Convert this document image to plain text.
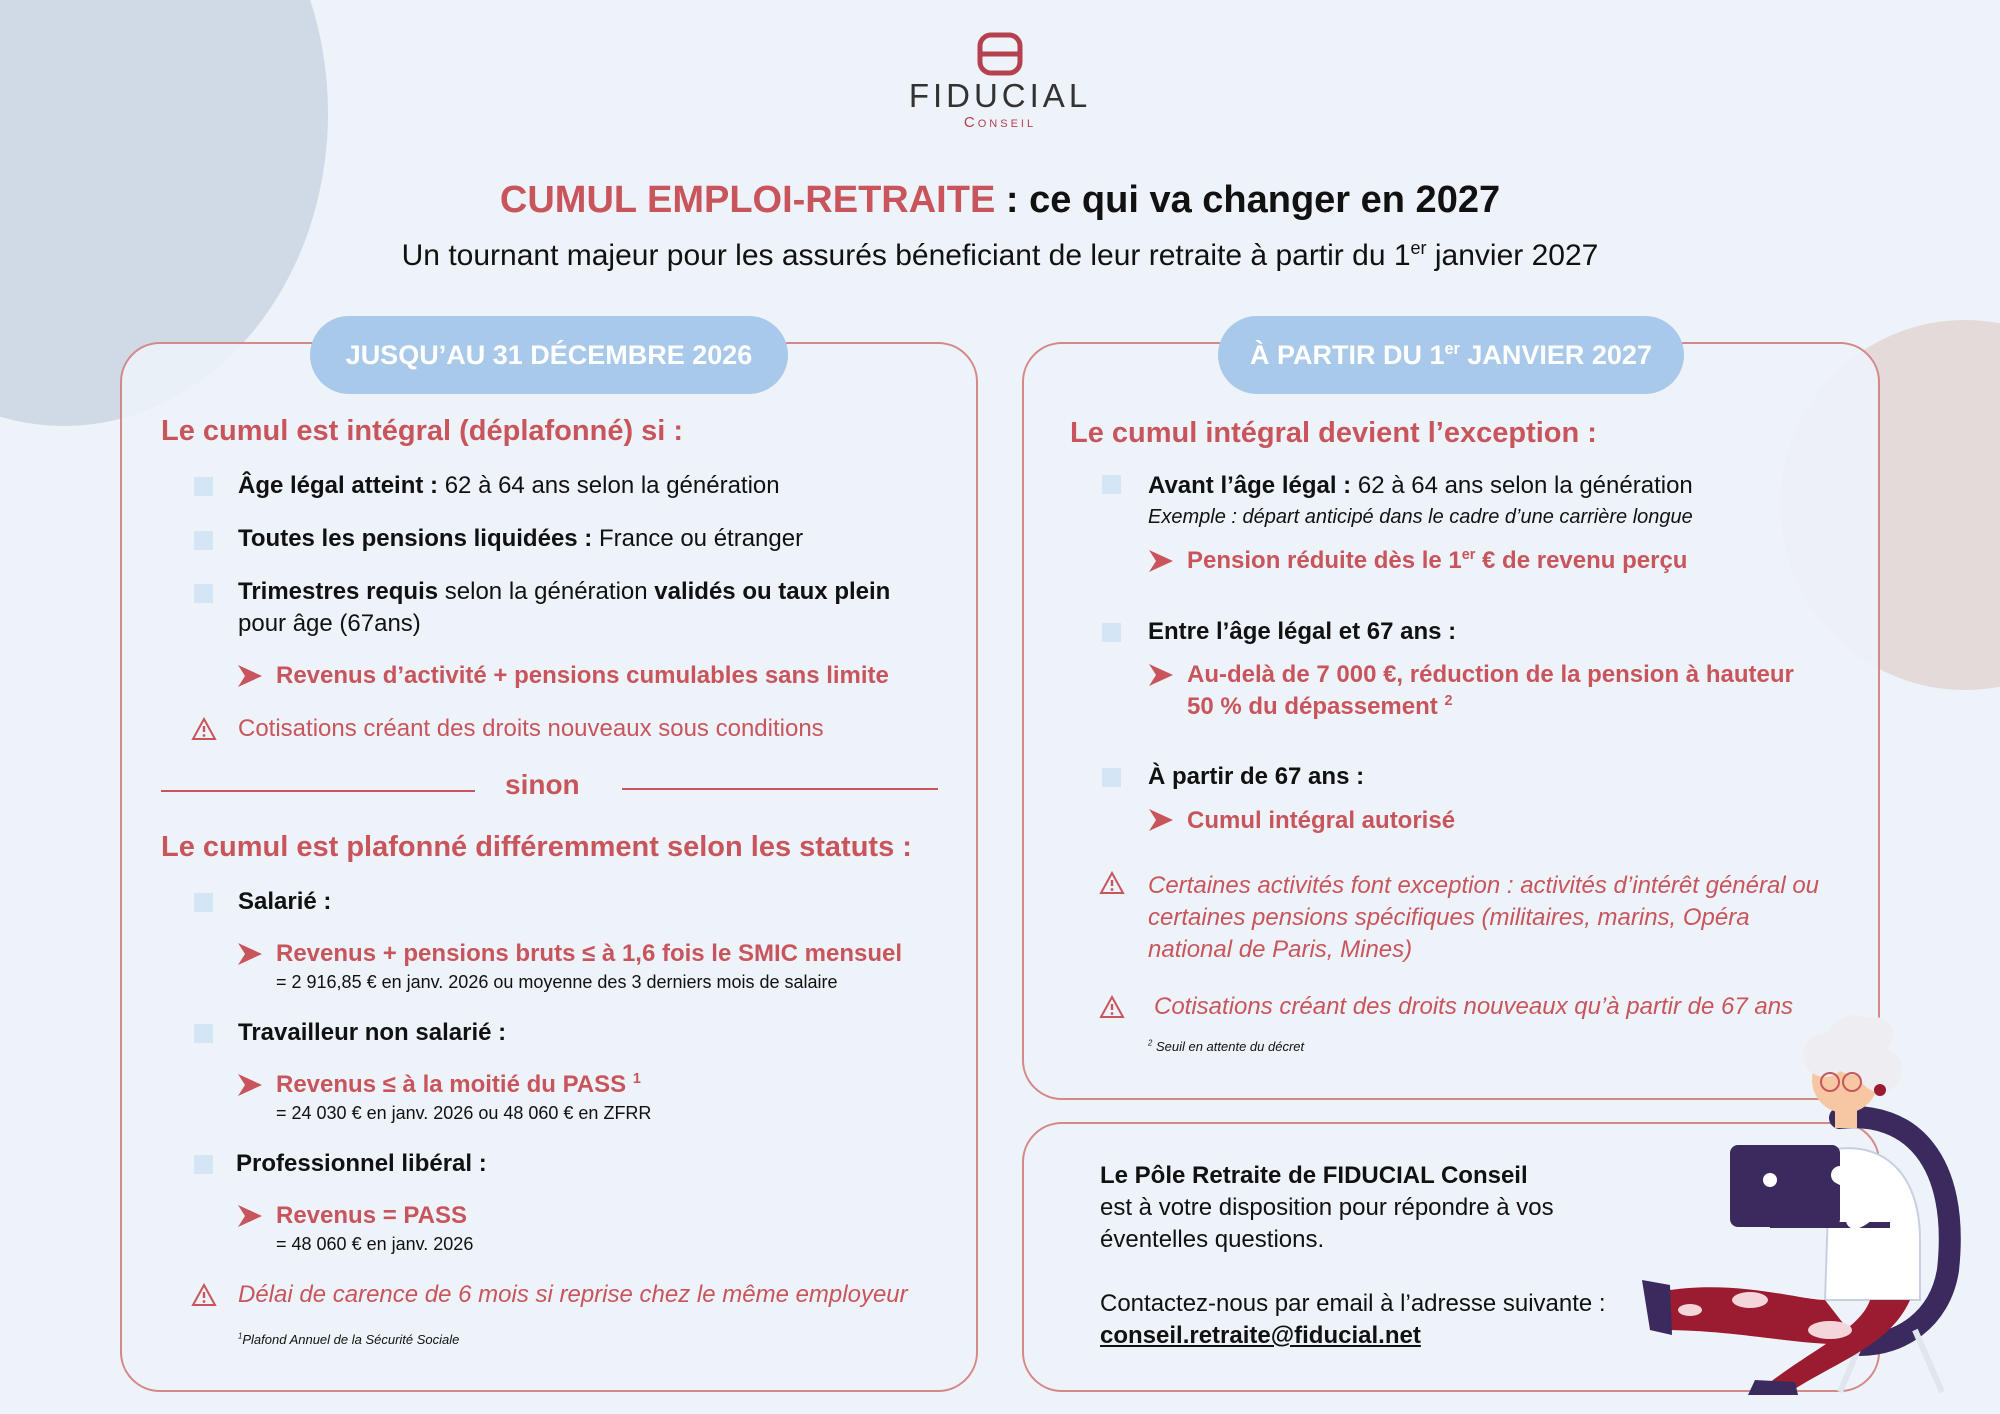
FIDUCIAL
Conseil
CUMUL EMPLOI-RETRAITE : ce qui va changer en 2027
Un tournant majeur pour les assurés béneficiant de leur retraite à partir du 1er janvier 2027
JUSQU’AU 31 DÉCEMBRE 2026	À PARTIR DU 1er JANVIER 2027
Le cumul est intégral (déplafonné) si :
Âge légal atteint : 62 à 64 ans selon la génération
Toutes les pensions liquidées : France ou étranger
Trimestres requis selon la génération validés ou taux plein
pour âge (67ans)
Revenus d’activité + pensions cumulables sans limite
Cotisations créant des droits nouveaux sous conditions
sinon
Le cumul est plafonné différemment selon les statuts :
Salarié :
Revenus + pensions bruts ≤ à 1,6 fois le SMIC mensuel
= 2 916,85 € en janv. 2026 ou moyenne des 3 derniers mois de salaire
Travailleur non salarié :
Revenus ≤ à la moitié du PASS $^1$
= 24 030 € en janv. 2026 ou 48 060 € en ZFRR
Professionnel libéral :
Revenus = PASS
= 48 060 € en janv. 2026
Délai de carence de 6 mois si reprise chez le même employeur
$^1$Plafond Annuel de la Sécurité Sociale
Le cumul intégral devient l’exception :
Avant l’âge légal : 62 à 64 ans selon la génération
Exemple : départ anticipé dans le cadre d’une carrière longue
Pension réduite dès le 1er € de revenu perçu
Entre l’âge légal et 67 ans :
Au-delà de 7 000 €, réduction de la pension à hauteur
50 % du dépassement $^2$
À partir de 67 ans :
Cumul intégral autorisé
Certaines activités font exception : activités d’intérêt général ou
certaines pensions spécifiques (militaires, marins, Opéra
national de Paris, Mines)
Cotisations créant des droits nouveaux qu’à partir de 67 ans
$^2$ Seuil en attente du décret
Le Pôle Retraite de FIDUCIAL Conseil
est à votre disposition pour répondre à vos
éventelles questions.

Contactez-nous par email à l’adresse suivante :
conseil.retraite@fiducial.net
